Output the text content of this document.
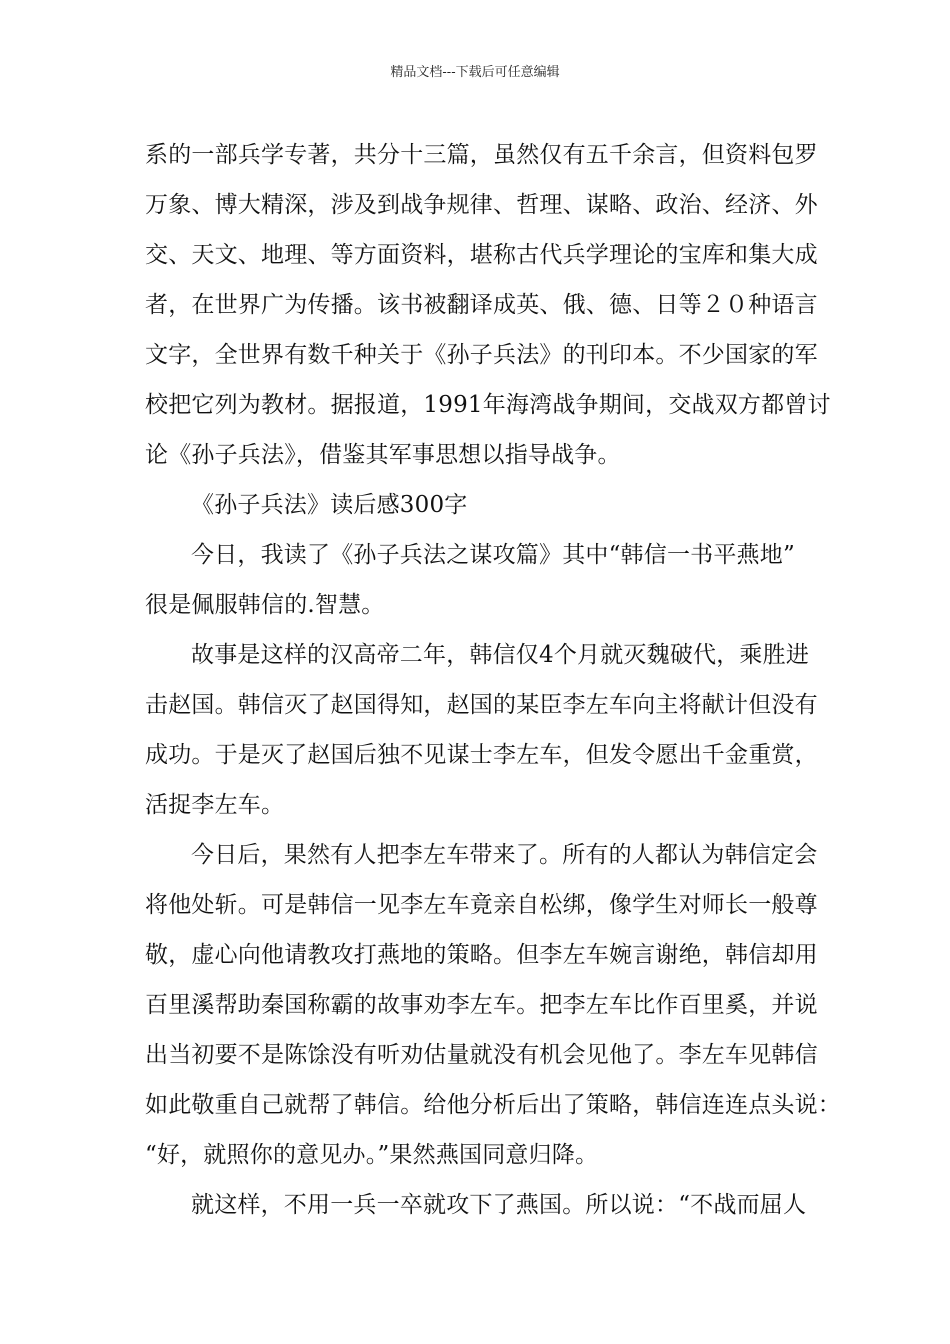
精品文档---下载后可任意编辑
系的一部兵学专著，共分十三篇，虽然仅有五千余言，但资料包罗
万象、博大精深，涉及到战争规律、哲理、谋略、政治、经济、外
交、天文、地理、等方面资料，堪称古代兵学理论的宝库和集大成
者，在世界广为传播。该书被翻译成英、俄、德、日等２０种语言
文字，全世界有数千种关于《孙子兵法》的刊印本。不少国家的军
校把它列为教材。据报道，1991年海湾战争期间，交战双方都曾讨
论《孙子兵法》，借鉴其军事思想以指导战争。
《孙子兵法》读后感300字
今日，我读了《孙子兵法之谋攻篇》其中“韩信一书平燕地”
很是佩服韩信的.智慧。
故事是这样的汉高帝二年，韩信仅4个月就灭魏破代，乘胜进
击赵国。韩信灭了赵国得知，赵国的某臣李左车向主将献计但没有
成功。于是灭了赵国后独不见谋士李左车，但发令愿出千金重赏，
活捉李左车。
今日后，果然有人把李左车带来了。所有的人都认为韩信定会
将他处斩。可是韩信一见李左车竟亲自松绑，像学生对师长一般尊
敬，虚心向他请教攻打燕地的策略。但李左车婉言谢绝，韩信却用
百里溪帮助秦国称霸的故事劝李左车。把李左车比作百里奚，并说
出当初要不是陈馀没有听劝估量就没有机会见他了。李左车见韩信
如此敬重自己就帮了韩信。给他分析后出了策略，韩信连连点头说：
“好，就照你的意见办。”果然燕国同意归降。
就这样，不用一兵一卒就攻下了燕国。所以说：“不战而屈人
